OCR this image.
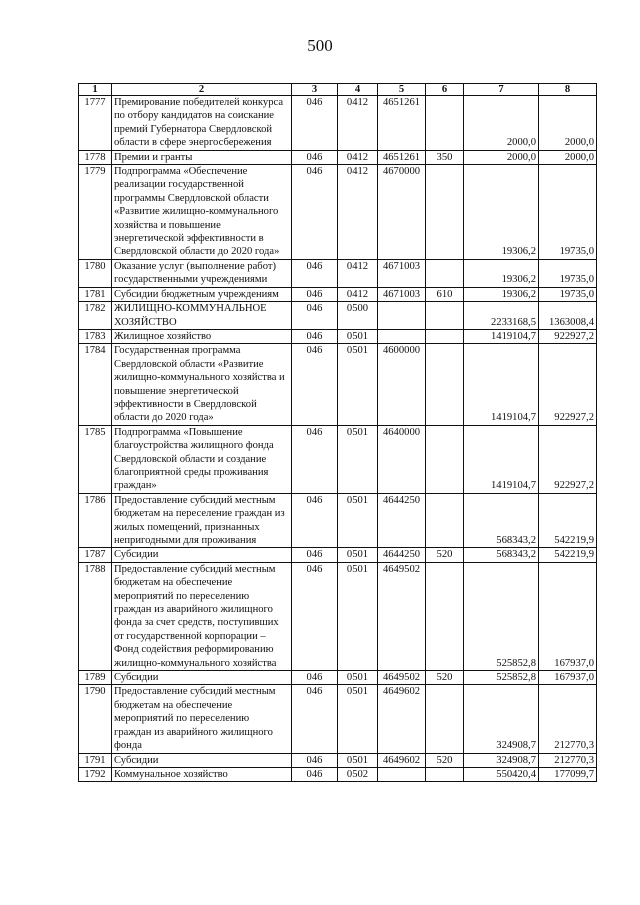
500
1	2	3	4	5	6	7	8
1777	Премирование победителей конкурса по отбору кандидатов на соискание премий Губернатора Свердловской области в сфере энергосбережения	046	0412	4651261		2000,0	2000,0
1778	Премии и гранты	046	0412	4651261	350	2000,0	2000,0
1779	Подпрограмма «Обеспечение реализации государственной программы Свердловской области «Развитие жилищно-коммунального хозяйства и повышение энергетической эффективности в Свердловской области до 2020 года»	046	0412	4670000		19306,2	19735,0
1780	Оказание услуг (выполнение работ) государственными учреждениями	046	0412	4671003		19306,2	19735,0
1781	Субсидии бюджетным учреждениям	046	0412	4671003	610	19306,2	19735,0
1782	ЖИЛИЩНО-КОММУНАЛЬНОЕ ХОЗЯЙСТВО	046	0500			2233168,5	1363008,4
1783	Жилищное хозяйство	046	0501			1419104,7	922927,2
1784	Государственная программа Свердловской области «Развитие жилищно-коммунального хозяйства и повышение энергетической эффективности в Свердловской области до 2020 года»	046	0501	4600000		1419104,7	922927,2
1785	Подпрограмма «Повышение благоустройства жилищного фонда Свердловской области и создание благоприятной среды проживания граждан»	046	0501	4640000		1419104,7	922927,2
1786	Предоставление субсидий местным бюджетам на переселение граждан из жилых помещений, признанных непригодными для проживания	046	0501	4644250		568343,2	542219,9
1787	Субсидии	046	0501	4644250	520	568343,2	542219,9
1788	Предоставление субсидий местным бюджетам на обеспечение мероприятий по переселению граждан из аварийного жилищного фонда за счет средств, поступивших от государственной корпорации – Фонд содействия реформированию жилищно-коммунального хозяйства	046	0501	4649502		525852,8	167937,0
1789	Субсидии	046	0501	4649502	520	525852,8	167937,0
1790	Предоставление субсидий местным бюджетам на обеспечение мероприятий по переселению граждан из аварийного жилищного фонда	046	0501	4649602		324908,7	212770,3
1791	Субсидии	046	0501	4649602	520	324908,7	212770,3
1792	Коммунальное хозяйство	046	0502			550420,4	177099,7
